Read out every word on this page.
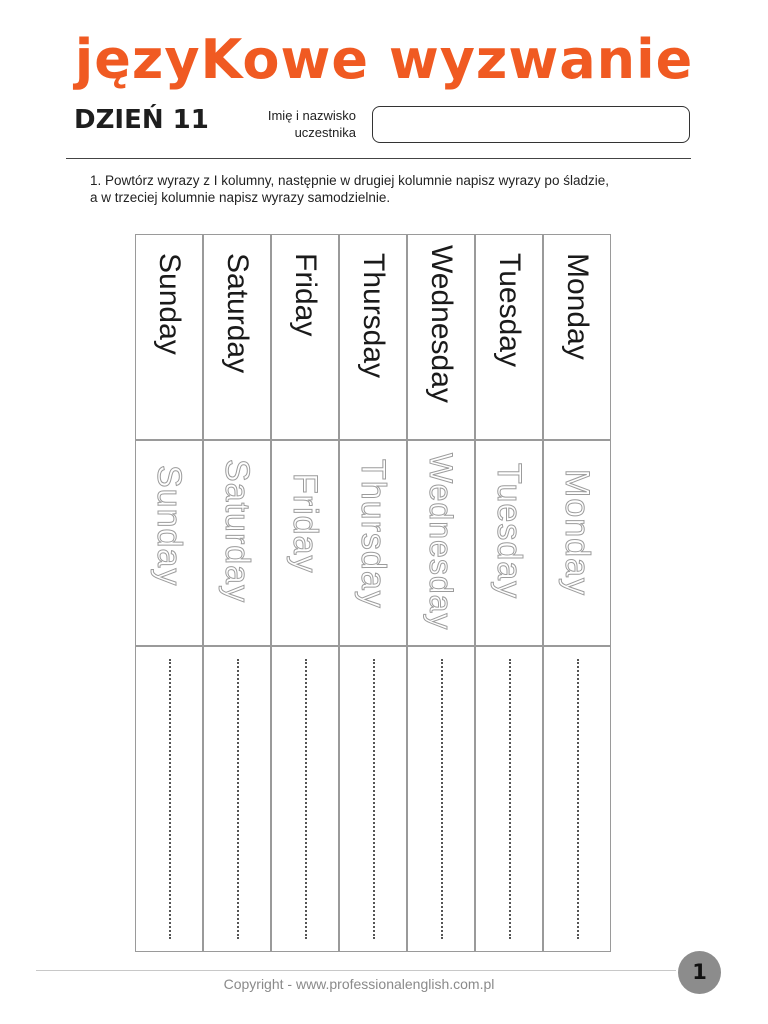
języKowe wyzwanie
DZIEŃ 11	Imię i nazwisko
uczestnika
1. Powtórz wyrazy z I kolumny, następnie w drugiej kolumnie napisz wyrazy po śladzie,
a w trzeciej kolumnie napisz wyrazy samodzielnie.
Sunday
Sunday
Saturday
Saturday
Friday
Friday
Thursday
Thursday
Wednesday
Wednesday
Tuesday
Tuesday
Monday
Monday
Copyright - www.professionalenglish.com.pl	1
